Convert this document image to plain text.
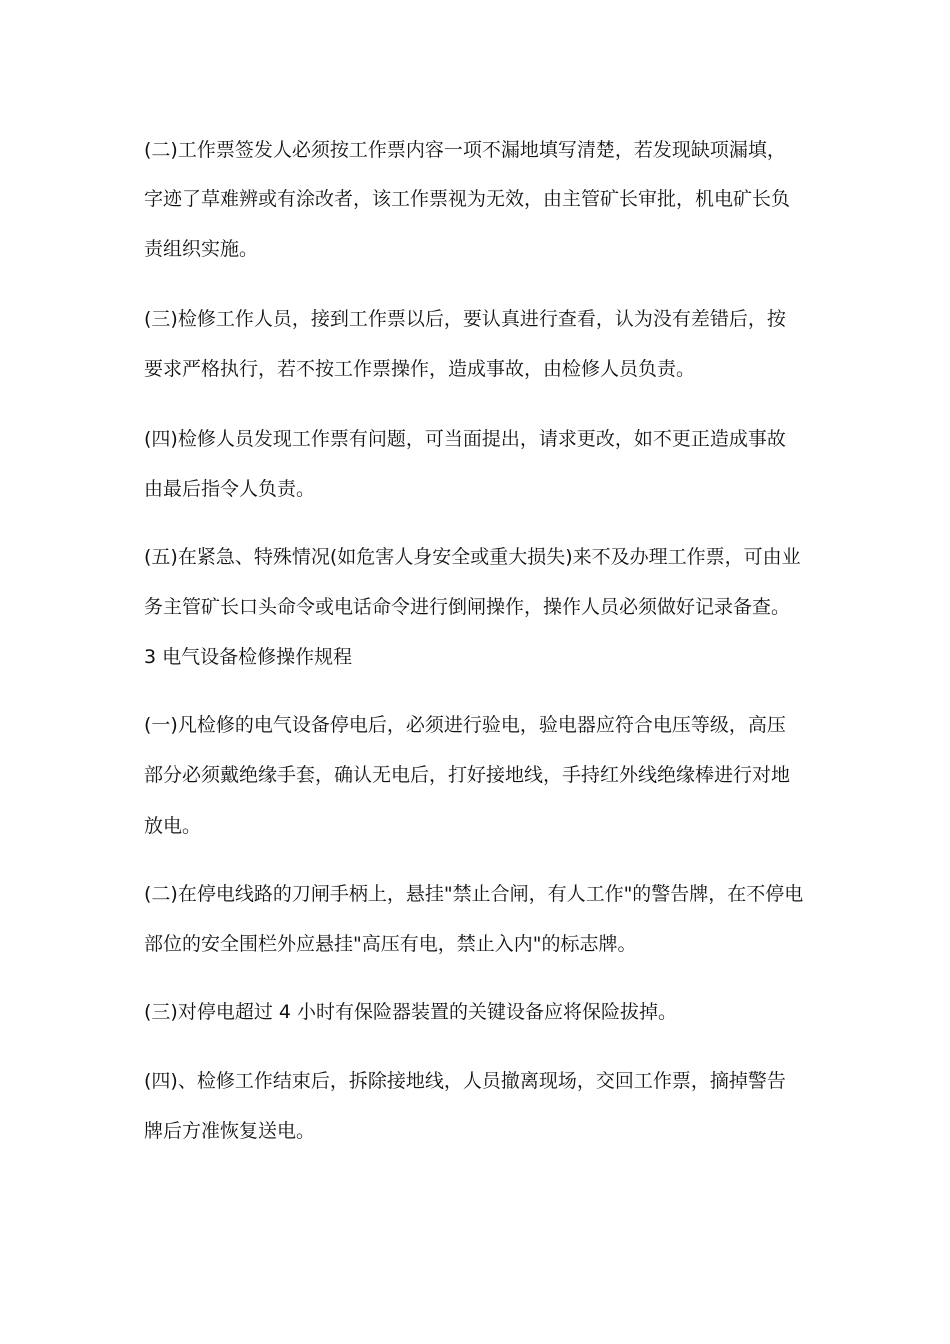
(二)工作票签发人必须按工作票内容一项不漏地填写清楚，若发现缺项漏填，
字迹了草难辨或有涂改者，该工作票视为无效，由主管矿长审批，机电矿长负
责组织实施。
(三)检修工作人员，接到工作票以后，要认真进行查看，认为没有差错后，按
要求严格执行，若不按工作票操作，造成事故，由检修人员负责。
(四)检修人员发现工作票有问题，可当面提出，请求更改，如不更正造成事故
由最后指令人负责。
(五)在紧急、特殊情况(如危害人身安全或重大损失)来不及办理工作票，可由业
务主管矿长口头命令或电话命令进行倒闸操作，操作人员必须做好记录备查。
3 电气设备检修操作规程
(一)凡检修的电气设备停电后，必须进行验电，验电器应符合电压等级，高压
部分必须戴绝缘手套，确认无电后，打好接地线，手持红外线绝缘棒进行对地
放电。
(二)在停电线路的刀闸手柄上，悬挂"禁止合闸，有人工作"的警告牌，在不停电
部位的安全围栏外应悬挂"高压有电，禁止入内"的标志牌。
(三)对停电超过 4 小时有保险器装置的关键设备应将保险拔掉。
(四)、检修工作结束后，拆除接地线，人员撤离现场，交回工作票，摘掉警告
牌后方准恢复送电。
